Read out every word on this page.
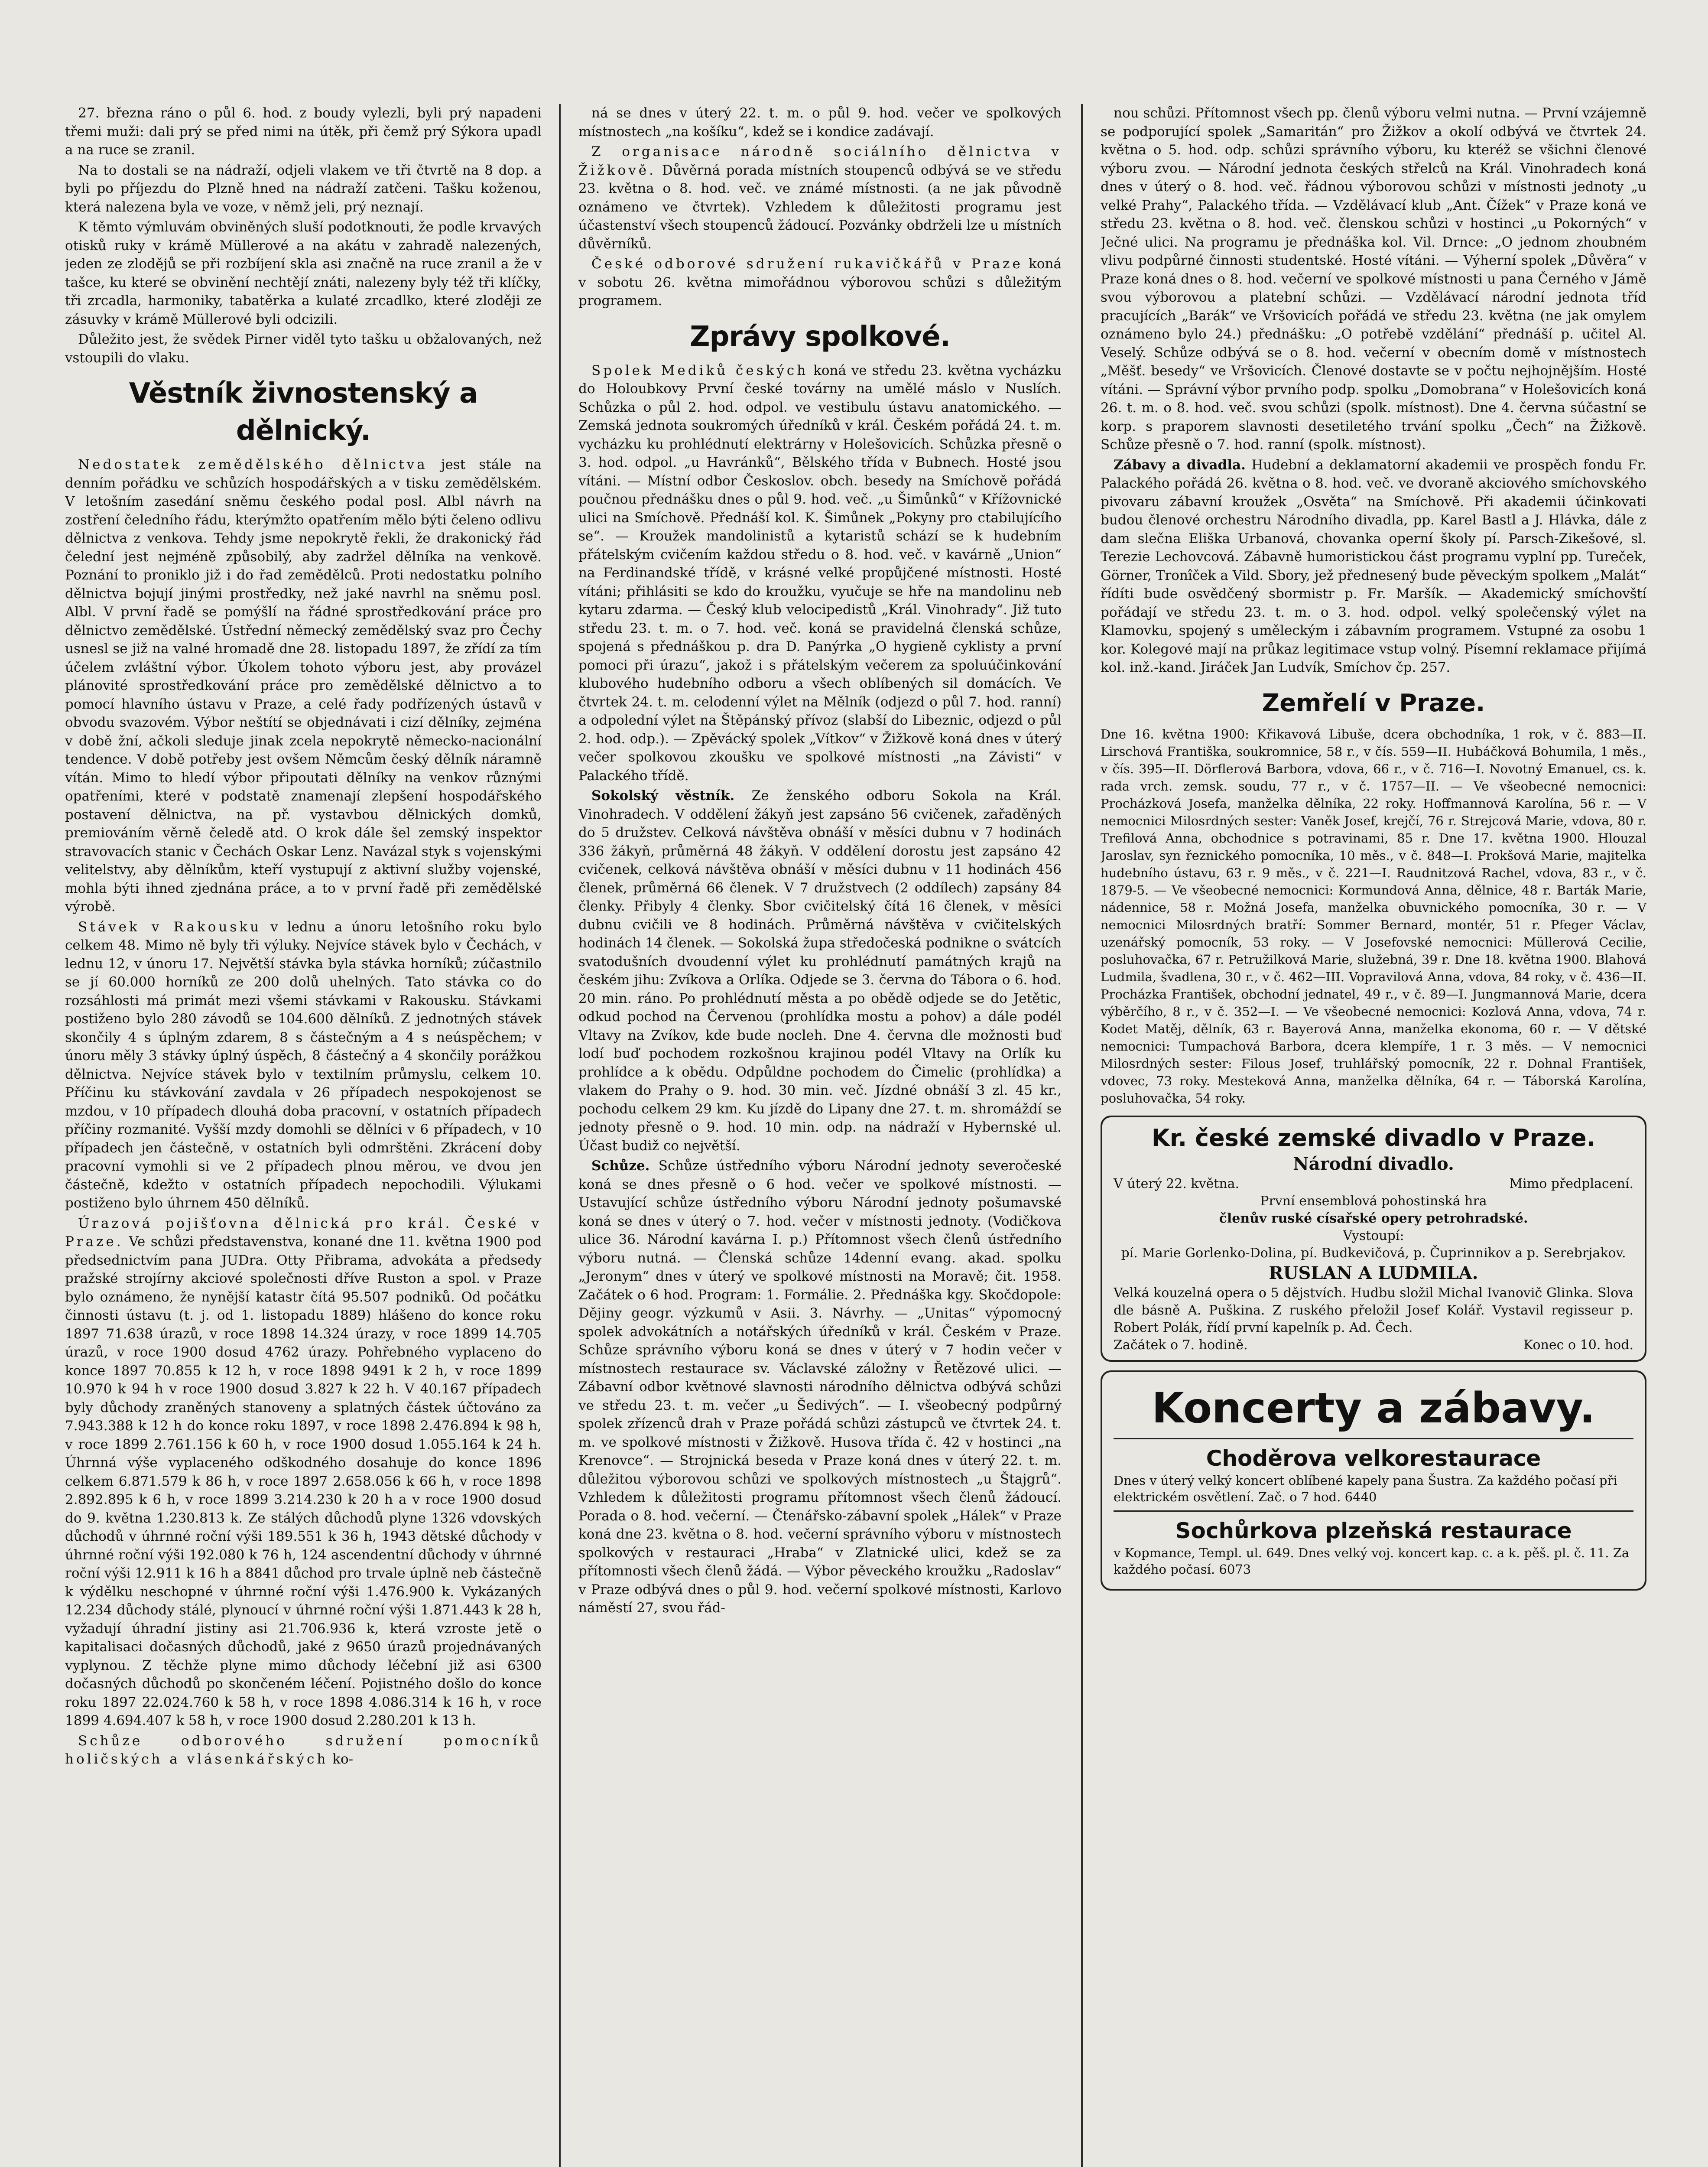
27. března ráno o půl 6. hod. z boudy vylezli, byli prý napadeni třemi muži: dali prý se před nimi na útěk, při čemž prý Sýkora upadl a na ruce se zranil.

Na to dostali se na nádraží, odjeli vlakem ve tři čtvrtě na 8 dop. a byli po příjezdu do Plzně hned na nádraží zatčeni. Tašku koženou, která nalezena byla ve voze, v němž jeli, prý neznají.

K těmto výmluvám obviněných sluší podotknouti, že podle krvavých otisků ruky v krámě Müllerové a na akátu v zahradě nalezených, jeden ze zlodějů se při rozbíjení skla asi značně na ruce zranil a že v tašce, ku které se obvinění nechtějí znáti, nalezeny byly též tři klíčky, tři zrcadla, harmoniky, tabatěrka a kulaté zrcadlko, které zloději ze zásuvky v krámě Müllerové byli odcizili.

Důležito jest, že svědek Pirner viděl tyto tašku u obžalovaných, než vstoupili do vlaku.

Věstník živnostenský a dělnický.

Nedostatek zemědělského dělnictva jest stále na denním pořádku ve schůzích hospodářských a v tisku zemědělském. V letošním zasedání sněmu českého podal posl. Albl návrh na zostření čeledního řádu, kterýmžto opatřením mělo býti čeleno odlivu dělnictva z venkova. Tehdy jsme nepokrytě řekli, že drakonický řád čelední jest nejméně způsobilý, aby zadržel dělníka na venkově. Poznání to proniklo již i do řad zemědělců. Proti nedostatku polního dělnictva bojují jinými prostředky, než jaké navrhl na sněmu posl. Albl. V první řadě se pomýšlí na řádné sprostředkování práce pro dělnictvo zemědělské. Ústřední německý zemědělský svaz pro Čechy usnesl se již na valné hromadě dne 28. listopadu 1897, že zřídí za tím účelem zvláštní výbor. Úkolem tohoto výboru jest, aby provázel plánovité sprostředkování práce pro zemědělské dělnictvo a to pomocí hlavního ústavu v Praze, a celé řady podřízených ústavů v obvodu svazovém. Výbor neštítí se objednávati i cizí dělníky, zejména v době žní, ačkoli sleduje jinak zcela nepokrytě německo-nacionální tendence. V době potřeby jest ovšem Němcům český dělník náramně vítán. Mimo to hledí výbor připoutati dělníky na venkov různými opatřeními, které v podstatě znamenají zlepšení hospodářského postavení dělnictva, na př. vystavbou dělnických domků, premiováním věrně čeledě atd. O krok dále šel zemský inspektor stravovacích stanic v Čechách Oskar Lenz. Navázal styk s vojenskými velitelstvy, aby dělníkům, kteří vystupují z aktivní služby vojenské, mohla býti ihned zjednána práce, a to v první řadě při zemědělské výrobě.

Stávek v Rakousku v lednu a únoru letošního roku bylo celkem 48. Mimo ně byly tři výluky. Nejvíce stávek bylo v Čechách, v lednu 12, v únoru 17. Největší stávka byla stávka horníků; zúčastnilo se jí 60.000 horníků ze 200 dolů uhelných. Tato stávka co do rozsáhlosti má primát mezi všemi stávkami v Rakousku. Stávkami postiženo bylo 280 závodů se 104.600 dělníků. Z jednotných stávek skončily 4 s úplným zdarem, 8 s částečným a 4 s neúspěchem; v únoru měly 3 stávky úplný úspěch, 8 částečný a 4 skončily porážkou dělnictva. Nejvíce stávek bylo v textilním průmyslu, celkem 10. Příčinu ku stávkování zavdala v 26 případech nespokojenost se mzdou, v 10 případech dlouhá doba pracovní, v ostatních případech příčiny rozmanité. Vyšší mzdy domohli se dělníci v 6 případech, v 10 případech jen částečně, v ostatních byli odmrštěni. Zkrácení doby pracovní vymohli si ve 2 případech plnou měrou, ve dvou jen částečně, kdežto v ostatních případech nepochodili. Výlukami postiženo bylo úhrnem 450 dělníků.

Úrazová pojišťovna dělnická pro král. České v Praze. Ve schůzi představenstva, konané dne 11. května 1900 pod předsednictvím pana JUDra. Otty Přibrama, advokáta a předsedy pražské strojírny akciové společnosti dříve Ruston a spol. v Praze bylo oznámeno, že nynější katastr čítá 95.507 podniků. Od počátku činnosti ústavu (t. j. od 1. listopadu 1889) hlášeno do konce roku 1897 71.638 úrazů, v roce 1898 14.324 úrazy, v roce 1899 14.705 úrazů, v roce 1900 dosud 4762 úrazy. Pohřebného vyplaceno do konce 1897 70.855 k 12 h, v roce 1898 9491 k 2 h, v roce 1899 10.970 k 94 h v roce 1900 dosud 3.827 k 22 h. V 40.167 případech byly důchody zraněných stanoveny a splatných částek účtováno za 7.943.388 k 12 h do konce roku 1897, v roce 1898 2.476.894 k 98 h, v roce 1899 2.761.156 k 60 h, v roce 1900 dosud 1.055.164 k 24 h. Úhrnná výše vyplaceného odškodného dosahuje do konce 1896 celkem 6.871.579 k 86 h, v roce 1897 2.658.056 k 66 h, v roce 1898 2.892.895 k 6 h, v roce 1899 3.214.230 k 20 h a v roce 1900 dosud do 9. května 1.230.813 k. Ze stálých důchodů plyne 1326 vdovských důchodů v úhrnné roční výši 189.551 k 36 h, 1943 dětské důchody v úhrnné roční výši 192.080 k 76 h, 124 ascendentní důchody v úhrnné roční výši 12.911 k 16 h a 8841 důchod pro trvale úplně neb částečně k výdělku neschopné v úhrnné roční výši 1.476.900 k. Vykázaných 12.234 důchody stálé, plynoucí v úhrnné roční výši 1.871.443 k 28 h, vyžadují úhradní jistiny asi 21.706.936 k, která vzroste jetě o kapitalisaci dočasných důchodů, jaké z 9650 úrazů projednávaných vyplynou. Z těchže plyne mimo důchody léčební již asi 6300 dočasných důchodů po skončeném léčení. Pojistného došlo do konce roku 1897 22.024.760 k 58 h, v roce 1898 4.086.314 k 16 h, v roce 1899 4.694.407 k 58 h, v roce 1900 dosud 2.280.201 k 13 h.

Schůze odborového sdružení pomocníků holičských a vlásenkářských ko-

ná se dnes v úterý 22. t. m. o půl 9. hod. večer ve spolkových místnostech „na košíku“, kdež se i kondice zadávají.

Z organisace národně sociálního dělnictva v Žižkově. Důvěrná porada místních stoupenců odbývá se ve středu 23. května o 8. hod. več. ve známé místnosti. (a ne jak původně oznámeno ve čtvrtek). Vzhledem k důležitosti programu jest účastenství všech stoupenců žádoucí. Pozvánky obdrželi lze u místních důvěrníků.

České odborové sdružení rukavičkářů v Praze koná v sobotu 26. května mimořádnou výborovou schůzi s důležitým programem.

Zprávy spolkové.

Spolek Mediků českých koná ve středu 23. května vycházku do Holoubkovy První české továrny na umělé máslo v Nuslích. Schůzka o půl 2. hod. odpol. ve vestibulu ústavu anatomického. — Zemská jednota soukromých úředníků v král. Českém pořádá 24. t. m. vycházku ku prohlédnutí elektrárny v Holešovicích. Schůzka přesně o 3. hod. odpol. „u Havránků“, Bělského třída v Bubnech. Hosté jsou vítáni. — Místní odbor Českoslov. obch. besedy na Smíchově pořádá poučnou přednášku dnes o půl 9. hod. več. „u Šimůnků“ v Křížovnické ulici na Smíchově. Přednáší kol. K. Šimůnek „Pokyny pro ctabilujícího se“. — Kroužek mandolinistů a kytaristů schází se k hudebním přátelským cvičením každou středu o 8. hod. več. v kavárně „Union“ na Ferdinandské třídě, v krásné velké propůjčené místnosti. Hosté vítáni; přihlásiti se kdo do kroužku, vyučuje se hře na mandolinu neb kytaru zdarma. — Český klub velocipedistů „Král. Vinohrady“. Již tuto středu 23. t. m. o 7. hod. več. koná se pravidelná členská schůze, spojená s přednáškou p. dra D. Panýrka „O hygieně cyklisty a první pomoci při úrazu“, jakož i s přátelským večerem za spoluúčinkování klubového hudebního odboru a všech oblíbených sil domácích. Ve čtvrtek 24. t. m. celodenní výlet na Mělník (odjezd o půl 7. hod. ranní) a odpolední výlet na Štěpánský přívoz (slabší do Libeznic, odjezd o půl 2. hod. odp.). — Zpěvácký spolek „Vítkov“ v Žižkově koná dnes v úterý večer spolkovou zkoušku ve spolkové místnosti „na Závisti“ v Palackého třídě.

Sokolský věstník. Ze ženského odboru Sokola na Král. Vinohradech. V oddělení žákyň jest zapsáno 56 cvičenek, zařaděných do 5 družstev. Celková návštěva obnáší v měsíci dubnu v 7 hodinách 336 žákyň, průměrná 48 žákyň. V oddělení dorostu jest zapsáno 42 cvičenek, celková návštěva obnáší v měsíci dubnu v 11 hodinách 456 členek, průměrná 66 členek. V 7 družstvech (2 oddílech) zapsány 84 členky. Přibyly 4 členky. Sbor cvičitelský čítá 16 členek, v měsíci dubnu cvičili ve 8 hodinách. Průměrná návštěva v cvičitelských hodinách 14 členek. — Sokolská župa středočeská podnikne o svátcích svatodušních dvoudenní výlet ku prohlédnutí památných krajů na českém jihu: Zvíkova a Orlíka. Odjede se 3. června do Tábora o 6. hod. 20 min. ráno. Po prohlédnutí města a po obědě odjede se do Jetětic, odkud pochod na Červenou (prohlídka mostu a pohov) a dále podél Vltavy na Zvíkov, kde bude nocleh. Dne 4. června dle možnosti buď lodí buď pochodem rozkošnou krajinou podél Vltavy na Orlík ku prohlídce a k obědu. Odpůldne pochodem do Čimelic (prohlídka) a vlakem do Prahy o 9. hod. 30 min. več. Jízdné obnáší 3 zl. 45 kr., pochodu celkem 29 km. Ku jízdě do Lipany dne 27. t. m. shromáždí se jednoty přesně o 9. hod. 10 min. odp. na nádraží v Hybernské ul. Účast budiž co největší.

Schůze. Schůze ústředního výboru Národní jednoty severočeské koná se dnes přesně o 6 hod. večer ve spolkové místnosti. — Ustavující schůze ústředního výboru Národní jednoty pošumavské koná se dnes v úterý o 7. hod. večer v místnosti jednoty. (Vodičkova ulice 36. Národní kavárna I. p.) Přítomnost všech členů ústředního výboru nutná. — Členská schůze 14denní evang. akad. spolku „Jeronym“ dnes v úterý ve spolkové místnosti na Moravě; čit. 1958. Začátek o 6 hod. Program: 1. Formálie. 2. Přednáška kgy. Skočdopole: Dějiny geogr. výzkumů v Asii. 3. Návrhy. — „Unitas“ výpomocný spolek advokátních a notářských úředníků v král. Českém v Praze. Schůze správního výboru koná se dnes v úterý v 7 hodin večer v místnostech restaurace sv. Václavské záložny v Řetězové ulici. — Zábavní odbor květnové slavnosti národního dělnictva odbývá schůzi ve středu 23. t. m. večer „u Šedivých“. — I. všeobecný podpůrný spolek zřízenců drah v Praze pořádá schůzi zástupců ve čtvrtek 24. t. m. ve spolkové místnosti v Žižkově. Husova třída č. 42 v hostinci „na Krenovce“. — Strojnická beseda v Praze koná dnes v úterý 22. t. m. důležitou výborovou schůzi ve spolkových místnostech „u Štajgrů“. Vzhledem k důležitosti programu přítomnost všech členů žádoucí. Porada o 8. hod. večerní. — Čtenářsko-zábavní spolek „Hálek“ v Praze koná dne 23. května o 8. hod. večerní správního výboru v místnostech spolkových v restauraci „Hraba“ v Zlatnické ulici, kdež se za přítomnosti všech členů žádá. — Výbor pěveckého kroužku „Radoslav“ v Praze odbývá dnes o půl 9. hod. večerní spolkové místnosti, Karlovo náměstí 27, svou řád-

nou schůzi. Přítomnost všech pp. členů výboru velmi nutna. — První vzájemně se podporující spolek „Samaritán“ pro Žižkov a okolí odbývá ve čtvrtek 24. května o 5. hod. odp. schůzi správního výboru, ku kteréž se všichni členové výboru zvou. — Národní jednota českých střelců na Král. Vinohradech koná dnes v úterý o 8. hod. več. řádnou výborovou schůzi v místnosti jednoty „u velké Prahy“, Palackého třída. — Vzdělávací klub „Ant. Čížek“ v Praze koná ve středu 23. května o 8. hod. več. členskou schůzi v hostinci „u Pokorných“ v Ječné ulici. Na programu je přednáška kol. Vil. Drnce: „O jednom zhoubném vlivu podpůrné činnosti studentské. Hosté vítáni. — Výherní spolek „Důvěra“ v Praze koná dnes o 8. hod. večerní ve spolkové místnosti u pana Černého v Jámě svou výborovou a platební schůzi. — Vzdělávací národní jednota tříd pracujících „Barák“ ve Vršovicích pořádá ve středu 23. května (ne jak omylem oznámeno bylo 24.) přednášku: „O potřebě vzdělání“ přednáší p. učitel Al. Veselý. Schůze odbývá se o 8. hod. večerní v obecním domě v místnostech „Měšť. besedy“ ve Vršovicích. Členové dostavte se v počtu nejhojnějším. Hosté vítáni. — Správní výbor prvního podp. spolku „Domobrana“ v Holešovicích koná 26. t. m. o 8. hod. več. svou schůzi (spolk. místnost). Dne 4. června súčastní se korp. s praporem slavnosti desetiletého trvání spolku „Čech“ na Žižkově. Schůze přesně o 7. hod. ranní (spolk. místnost).

Zábavy a divadla. Hudební a deklamatorní akademii ve prospěch fondu Fr. Palackého pořádá 26. května o 8. hod. več. ve dvoraně akciového smíchovského pivovaru zábavní kroužek „Osvěta“ na Smíchově. Při akademii účinkovati budou členové orchestru Národního divadla, pp. Karel Bastl a J. Hlávka, dále z dam slečna Eliška Urbanová, chovanka operní školy pí. Parsch-Zikešové, sl. Terezie Lechovcová. Zábavně humoristickou část programu vyplní pp. Tureček, Görner, Tronîček a Vild. Sbory, jež přednesený bude pěveckým spolkem „Malát“ řídíti bude osvědčený sbormistr p. Fr. Maršík. — Akademický smíchovští pořádají ve středu 23. t. m. o 3. hod. odpol. velký společenský výlet na Klamovku, spojený s uměleckým i zábavním programem. Vstupné za osobu 1 kor. Kolegové mají na průkaz legitimace vstup volný. Písemní reklamace přijímá kol. inž.-kand. Jiráček Jan Ludvík, Smíchov čp. 257.

Zemřelí v Praze.
Dne 16. května 1900: Křikavová Libuše, dcera obchodníka, 1 rok, v č. 883—II. Lirschová Františka, soukromnice, 58 r., v čís. 559—II. Hubáčková Bohumila, 1 měs., v čís. 395—II. Dörflerová Barbora, vdova, 66 r., v č. 716—I. Novotný Emanuel, cs. k. rada vrch. zemsk. soudu, 77 r., v č. 1757—II. — Ve všeobecné nemocnici: Procházková Josefa, manželka dělníka, 22 roky. Hoffmannová Karolína, 56 r. — V nemocnici Milosrdných sester: Vaněk Josef, krejčí, 76 r. Strejcová Marie, vdova, 80 r. Trefilová Anna, obchodnice s potravinami, 85 r. Dne 17. května 1900. Hlouzal Jaroslav, syn řeznického pomocníka, 10 měs., v č. 848—I. Prokšová Marie, majitelka hudebního ústavu, 63 r. 9 měs., v č. 221—I. Raudnitzová Rachel, vdova, 83 r., v č. 1879-5. — Ve všeobecné nemocnici: Kormundová Anna, dělnice, 48 r. Barták Marie, nádennice, 58 r. Možná Josefa, manželka obuvnického pomocníka, 30 r. — V nemocnici Milosrdných bratří: Sommer Bernard, montér, 51 r. Pfeger Václav, uzenářský pomocník, 53 roky. — V Josefovské nemocnici: Müllerová Cecilie, posluhovačka, 67 r. Petružilková Marie, služebná, 39 r. Dne 18. května 1900. Blahová Ludmila, švadlena, 30 r., v č. 462—III. Vopravilová Anna, vdova, 84 roky, v č. 436—II. Procházka František, obchodní jednatel, 49 r., v č. 89—I. Jungmannová Marie, dcera výběrčího, 8 r., v č. 352—I. — Ve všeobecné nemocnici: Kozlová Anna, vdova, 74 r. Kodet Matěj, dělník, 63 r. Bayerová Anna, manželka ekonoma, 60 r. — V dětské nemocnici: Tumpachová Barbora, dcera klempíře, 1 r. 3 měs. — V nemocnici Milosrdných sester: Filous Josef, truhlářský pomocník, 22 r. Dohnal František, vdovec, 73 roky. Mesteková Anna, manželka dělníka, 64 r. — Táborská Karolína, posluhovačka, 54 roky.
Kr. české zemské divadlo v Praze.
Národní divadlo.
V úterý 22. května.	Mimo předplacení.
První ensemblová pohostinská hra
členův ruské císařské opery petrohradské.
Vystoupí:
pí. Marie Gorlenko-Dolina, pí. Budkevičová, p. Čuprinnikov a p. Serebrjakov.
RUSLAN A LUDMILA.
Velká kouzelná opera o 5 dějstvích. Hudbu složil Michal Ivanovič Glinka. Slova dle básně A. Puškina. Z ruského přeložil Josef Kolář. Vystavil regisseur p. Robert Polák, řídí první kapelník p. Ad. Čech.
Začátek o 7. hodině.	Konec o 10. hod.
Koncerty a zábavy.
Choděrova velkorestaurace
Dnes v úterý velký koncert oblíbené kapely pana Šustra. Za každého počasí při elektrickém osvětlení. Zač. o 7 hod. 6440
Sochůrkova plzeňská restaurace
v Kopmance, Templ. ul. 649. Dnes velký voj. koncert kap. c. a k. pěš. pl. č. 11. Za každého počasí. 6073
